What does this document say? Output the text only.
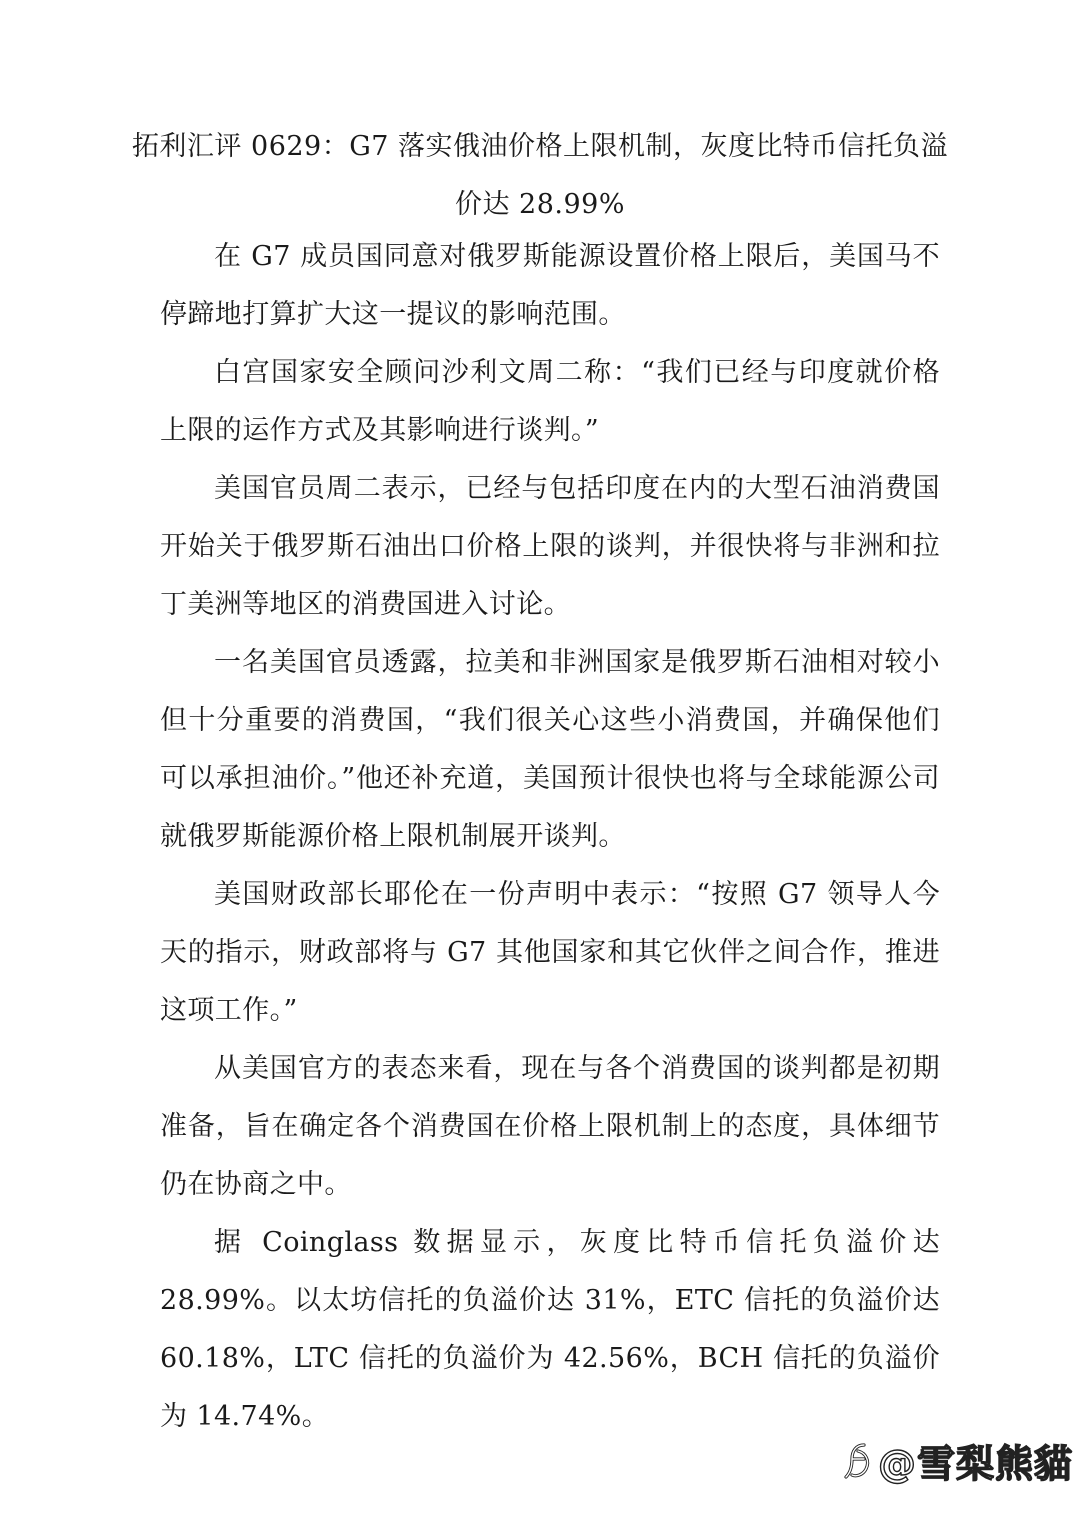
拓利汇评 0629：G7 落实俄油价格上限机制，灰度比特币信托负溢价达 28.99%

在 G7 成员国同意对俄罗斯能源设置价格上限后，美国马不停蹄地打算扩大这一提议的影响范围。

白宫国家安全顾问沙利文周二称：“我们已经与印度就价格上限的运作方式及其影响进行谈判。”

美国官员周二表示，已经与包括印度在内的大型石油消费国开始关于俄罗斯石油出口价格上限的谈判，并很快将与非洲和拉丁美洲等地区的消费国进入讨论。

一名美国官员透露，拉美和非洲国家是俄罗斯石油相对较小但十分重要的消费国，“我们很关心这些小消费国，并确保他们可以承担油价。”他还补充道，美国预计很快也将与全球能源公司就俄罗斯能源价格上限机制展开谈判。

美国财政部长耶伦在一份声明中表示：“按照 G7 领导人今天的指示，财政部将与 G7 其他国家和其它伙伴之间合作，推进这项工作。”

从美国官方的表态来看，现在与各个消费国的谈判都是初期准备，旨在确定各个消费国在价格上限机制上的态度，具体细节仍在协商之中。

据 Coinglass 数据显示，灰度比特币信托负溢价达 28.99%。以太坊信托的负溢价达 31%，ETC 信托的负溢价达 60.18%，LTC 信托的负溢价为 42.56%，BCH 信托的负溢价为 14.74%。

@雪梨熊貓
